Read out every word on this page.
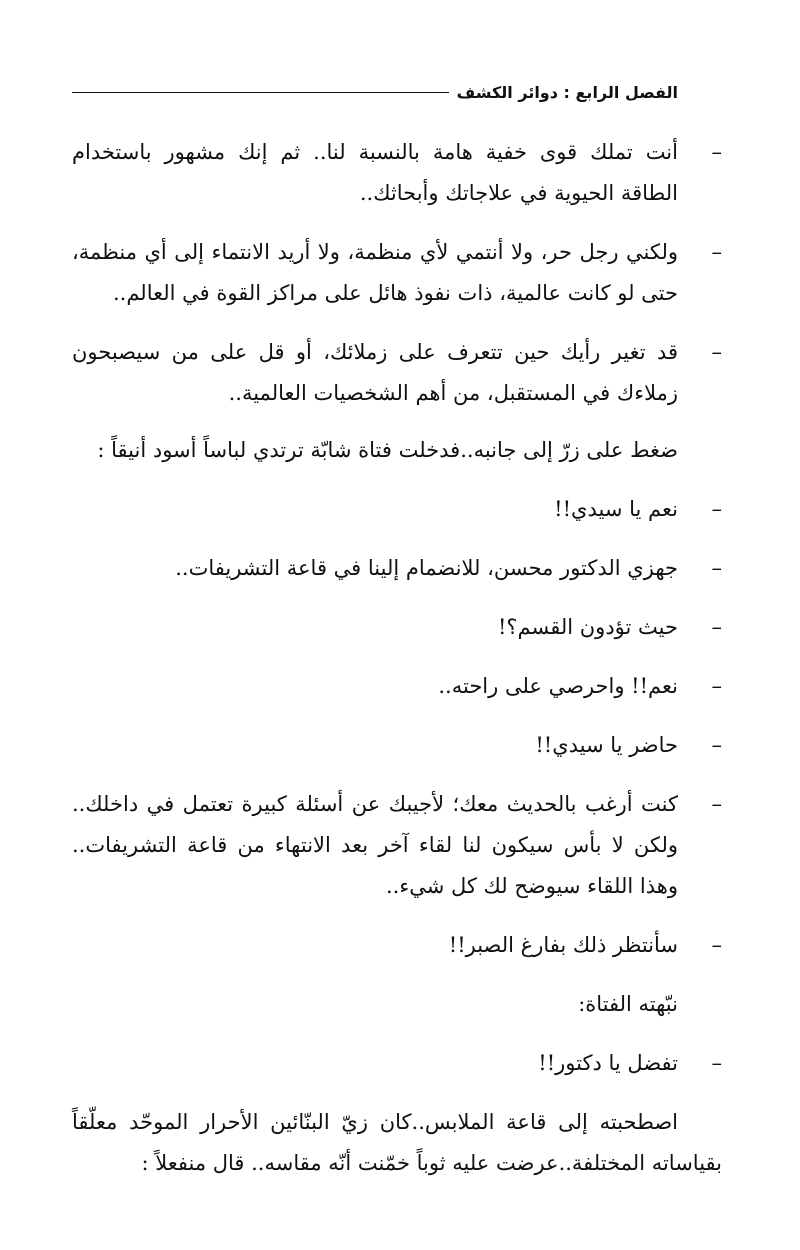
الفصل الرابع : دوائر الكشف

–
أنت تملك قوى خفية هامة بالنسبة لنا.. ثم إنك مشهور باستخدام الطاقة الحيوية في علاجاتك وأبحاثك..

–
ولكني رجل حر، ولا أنتمي لأي منظمة، ولا أريد الانتماء إلى أي منظمة، حتى لو كانت عالمية، ذات نفوذ هائل على مراكز القوة في العالم..

–
قد تغير رأيك حين تتعرف على زملائك، أو قل على من سيصبحون زملاءك في المستقبل، من أهم الشخصيات العالمية..

ضغط على زرّ إلى جانبه..فدخلت فتاة شابّة ترتدي لباساً أسود أنيقاً :

–
نعم يا سيدي!!

–
جهزي الدكتور محسن، للانضمام إلينا في قاعة التشريفات..

–
حيث تؤدون القسم؟!

–
نعم!! واحرصي على راحته..

–
حاضر يا سيدي!!

–
كنت أرغب بالحديث معك؛ لأجيبك عن أسئلة كبيرة تعتمل في داخلك.. ولكن لا بأس سيكون لنا لقاء آخر بعد الانتهاء من قاعة التشريفات.. وهذا اللقاء سيوضح لك كل شيء..

–
سأنتظر ذلك بفارغ الصبر!!

نبّهته الفتاة:

–
تفضل يا دكتور!!

اصطحبته إلى قاعة الملابس..كان زيّ البنّائين الأحرار الموحّد معلّقاً بقياساته المختلفة..عرضت عليه ثوباً خمّنت أنّه مقاسه.. قال منفعلاً :
